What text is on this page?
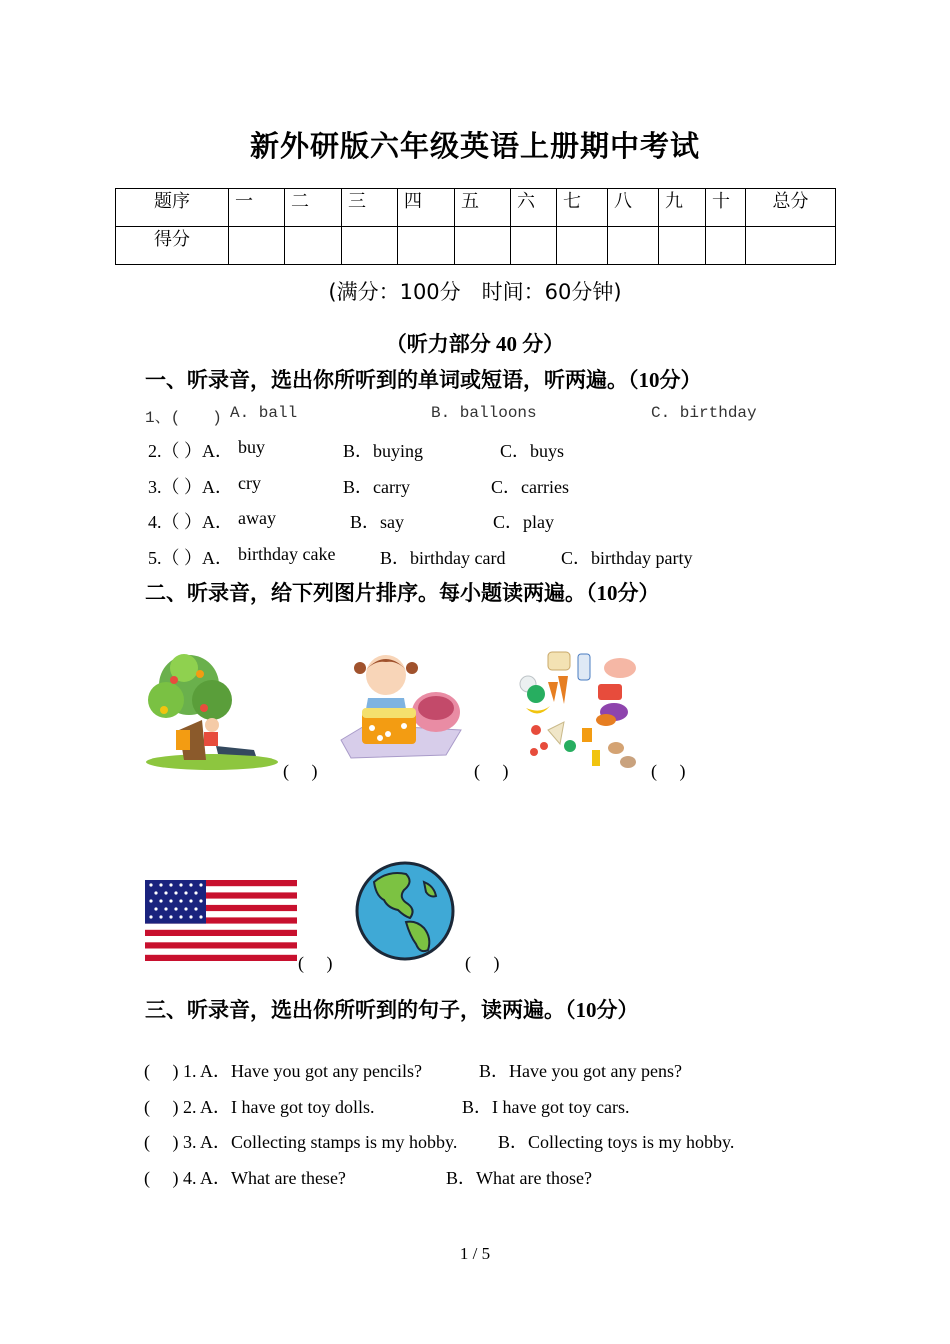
新外研版六年级英语上册期中考试
题序	一	二	三	四	五	六	七	八	九	十	总分
得分											
(满分：100分　时间：60分钟)
（听力部分 40 分）
一、听录音，选出你所听到的单词或短语，听两遍。（10分）
1、(　　) A. ball	B. balloons	C. birthday
2.（ ）A． buy	B．buying	C．buys
3.（ ）A． cry	B．carry	C．carries
4.（ ）A． away	B．say	C．play
5.（ ）A． birthday cake B．birthday card	C．birthday party
二、听录音，给下列图片排序。每小题读两遍。（10分）
(　 )	(　 )	(　 )
(　 )	(　 )
三、听录音，选出你所听到的句子，读两遍。（10分）
(　 ) 1. A．Have you got any pencils?	B．Have you got any pens?
(　 ) 2. A．I have got toy dolls.	B．I have got toy cars.
(　 ) 3. A．Collecting stamps is my hobby. B．Collecting toys is my hobby.
(　 ) 4. A．What are these?	B．What are those?
1 / 5
